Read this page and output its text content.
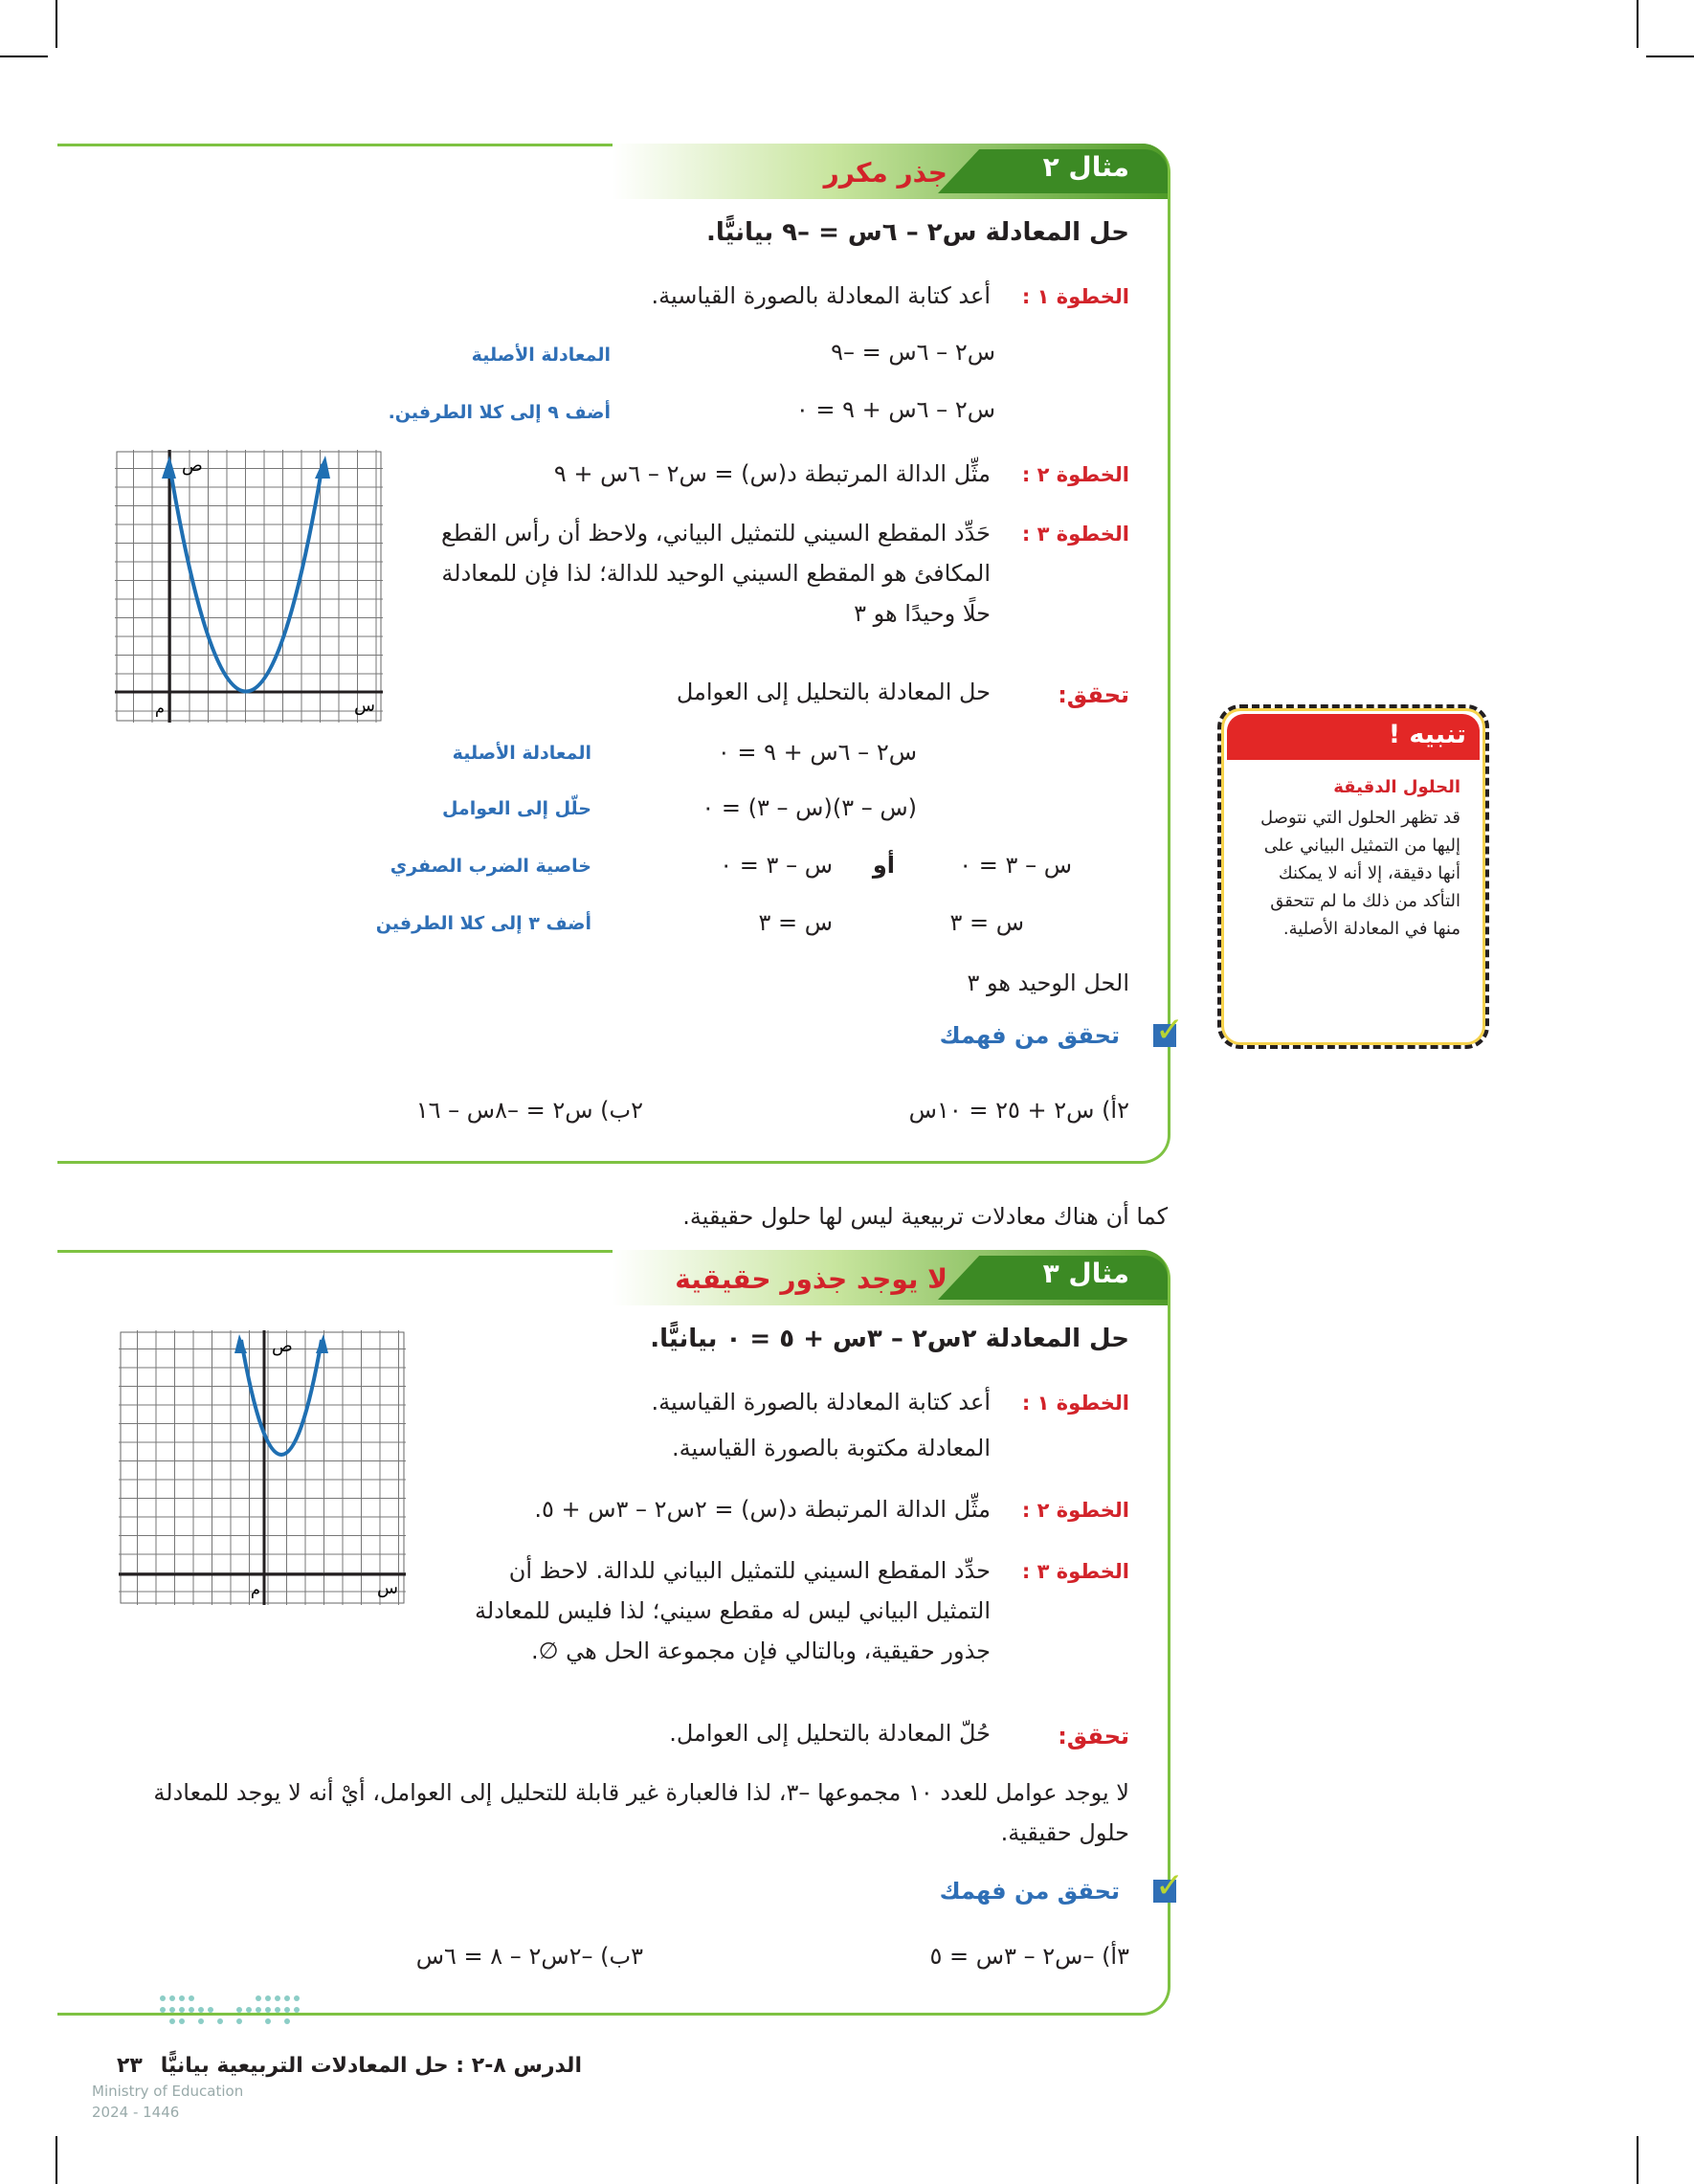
مثال ٢
جذر مكرر
حل المعادلة س٢ – ٦س = –٩ بيانيًّا.
الخطوة ١ :
أعد كتابة المعادلة بالصورة القياسية.
س٢ – ٦س = –٩
المعادلة الأصلية
س٢ – ٦س + ٩ = ٠
أضف ٩ إلى كلا الطرفين.
الخطوة ٢ :
مثِّل الدالة المرتبطة د(س) = س٢ – ٦س + ٩
الخطوة ٣ :
حَدِّد المقطع السيني للتمثيل البياني، ولاحظ أن رأس القطع المكافئ هو المقطع السيني الوحيد للدالة؛ لذا فإن للمعادلة حلًا وحيدًا هو ٣
ص
س
م	تحقق:
حل المعادلة بالتحليل إلى العوامل
س٢ – ٦س + ٩ = ٠
المعادلة الأصلية
(س – ٣)(س – ٣) = ٠
حلّل إلى العوامل
س – ٣ = ٠
أو
س – ٣ = ٠
خاصية الضرب الصفري
س = ٣
س = ٣
أضف ٣ إلى كلا الطرفين
الحل الوحيد هو ٣
✓
تحقق من فهمك
٢أ) س٢ + ٢٥ = ١٠س
٢ب) س٢ = –٨س – ١٦
تنبيه !
الحلول الدقيقة
قد تظهر الحلول التي نتوصل إليها من التمثيل البياني على أنها دقيقة، إلا أنه لا يمكنك التأكد من ذلك ما لم تتحقق منها في المعادلة الأصلية.
كما أن هناك معادلات تربيعية ليس لها حلول حقيقية.
مثال ٣
لا يوجد جذور حقيقية
حل المعادلة ٢س٢ – ٣س + ٥ = ٠ بيانيًّا.
الخطوة ١ :
أعد كتابة المعادلة بالصورة القياسية.
المعادلة مكتوبة بالصورة القياسية.
الخطوة ٢ :
مثِّل الدالة المرتبطة د(س) = ٢س٢ – ٣س + ٥.
الخطوة ٣ :
حدِّد المقطع السيني للتمثيل البياني للدالة. لاحظ أن التمثيل البياني ليس له مقطع سيني؛ لذا فليس للمعادلة جذور حقيقية، وبالتالي فإن مجموعة الحل هي ∅.
ص
س
م
تحقق:
حُلّ المعادلة بالتحليل إلى العوامل.
لا يوجد عوامل للعدد ١٠ مجموعها –٣، لذا فالعبارة غير قابلة للتحليل إلى العوامل، أيْ أنه لا يوجد للمعادلة حلول حقيقية.
✓
تحقق من فهمك
٣أ) –س٢ – ٣س = ٥
٣ب) –٢س٢ – ٨ = ٦س
الدرس ٨-٢ : حل المعادلات التربيعية بيانيًّا
٢٣
Ministry of Education
2024 - 1446
